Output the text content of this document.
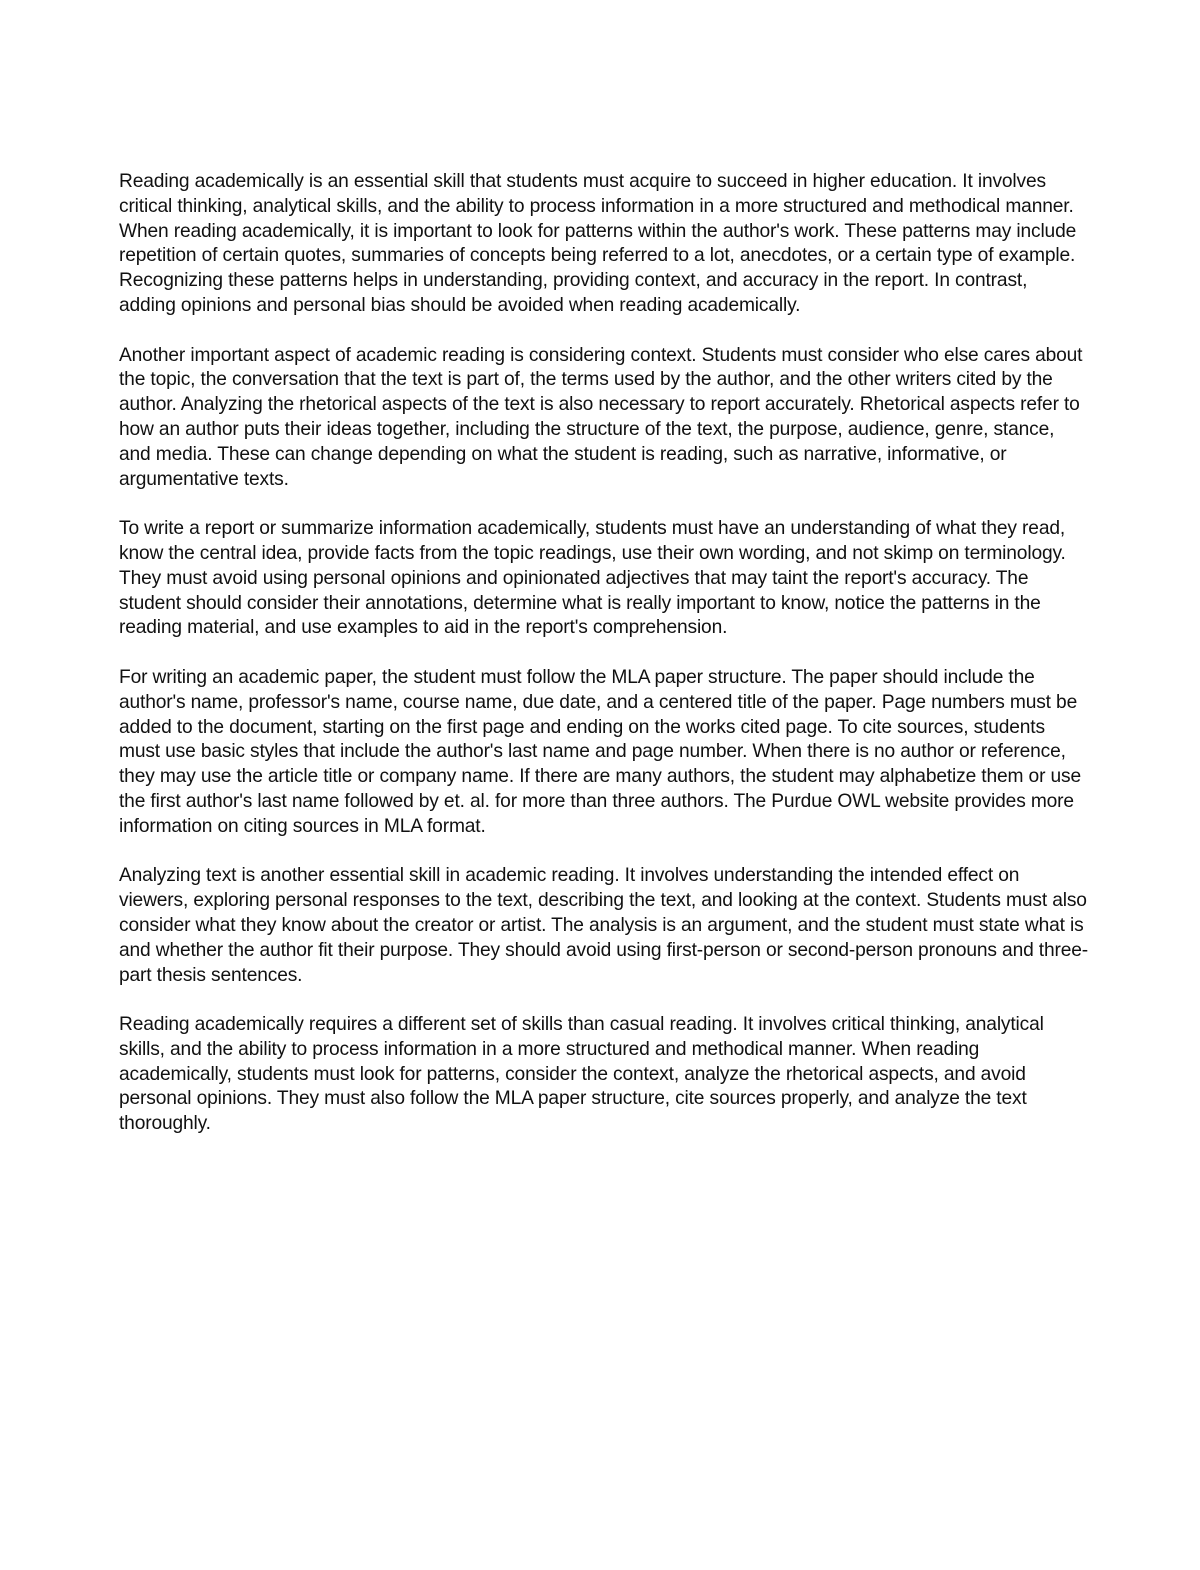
Reading academically is an essential skill that students must acquire to succeed in higher education. It involves critical thinking, analytical skills, and the ability to process information in a more structured and methodical manner. When reading academically, it is important to look for patterns within the author's work. These patterns may include repetition of certain quotes, summaries of concepts being referred to a lot, anecdotes, or a certain type of example. Recognizing these patterns helps in understanding, providing context, and accuracy in the report. In contrast, adding opinions and personal bias should be avoided when reading academically.

Another important aspect of academic reading is considering context. Students must consider who else cares about the topic, the conversation that the text is part of, the terms used by the author, and the other writers cited by the author. Analyzing the rhetorical aspects of the text is also necessary to report accurately. Rhetorical aspects refer to how an author puts their ideas together, including the structure of the text, the purpose, audience, genre, stance, and media. These can change depending on what the student is reading, such as narrative, informative, or argumentative texts.

To write a report or summarize information academically, students must have an understanding of what they read, know the central idea, provide facts from the topic readings, use their own wording, and not skimp on terminology. They must avoid using personal opinions and opinionated adjectives that may taint the report's accuracy. The student should consider their annotations, determine what is really important to know, notice the patterns in the reading material, and use examples to aid in the report's comprehension.

For writing an academic paper, the student must follow the MLA paper structure. The paper should include the author's name, professor's name, course name, due date, and a centered title of the paper. Page numbers must be added to the document, starting on the first page and ending on the works cited page. To cite sources, students must use basic styles that include the author's last name and page number. When there is no author or reference, they may use the article title or company name. If there are many authors, the student may alphabetize them or use the first author's last name followed by et. al. for more than three authors. The Purdue OWL website provides more information on citing sources in MLA format.

Analyzing text is another essential skill in academic reading. It involves understanding the intended effect on viewers, exploring personal responses to the text, describing the text, and looking at the context. Students must also consider what they know about the creator or artist. The analysis is an argument, and the student must state what is and whether the author fit their purpose. They should avoid using first-person or second-person pronouns and three-part thesis sentences.

Reading academically requires a different set of skills than casual reading. It involves critical thinking, analytical skills, and the ability to process information in a more structured and methodical manner. When reading academically, students must look for patterns, consider the context, analyze the rhetorical aspects, and avoid personal opinions. They must also follow the MLA paper structure, cite sources properly, and analyze the text thoroughly.
